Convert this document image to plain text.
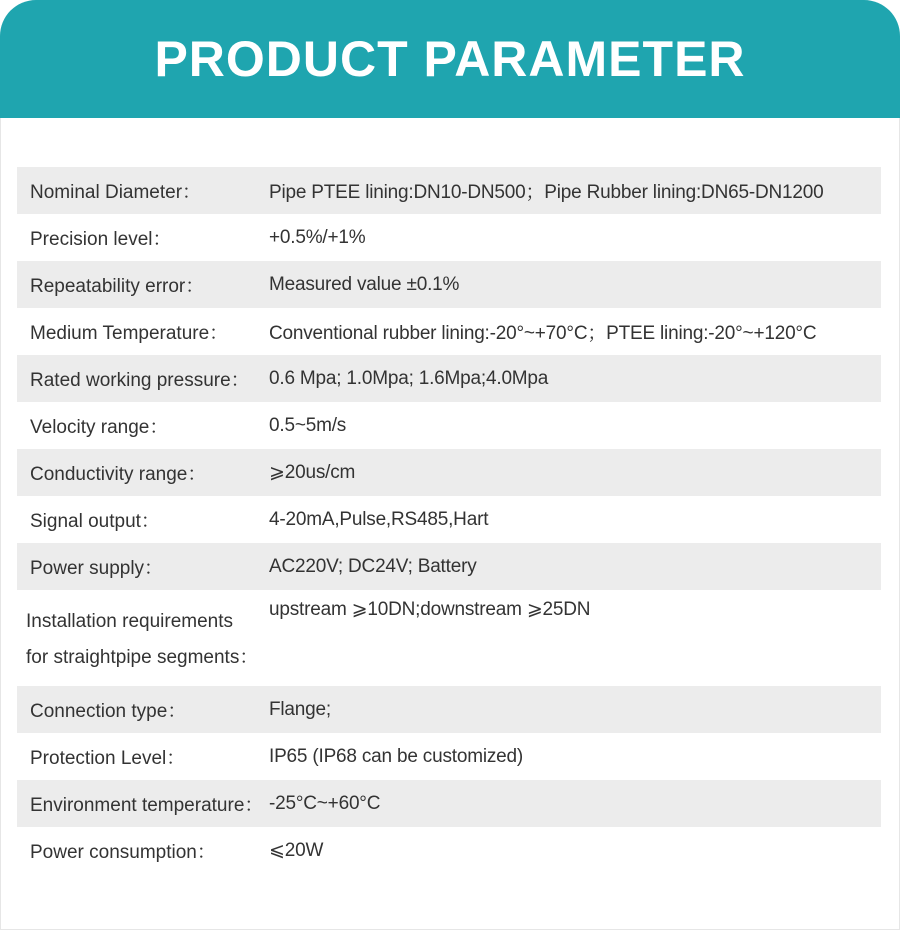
PRODUCT PARAMETER
Nominal Diameter：	Pipe PTEE lining:DN10-DN500；Pipe Rubber lining:DN65-DN1200
Precision level：	+0.5%/+1%
Repeatability error：	Measured value ±0.1%
Medium Temperature：	Conventional rubber lining:-20°~+70°C；PTEE lining:-20°~+120°C
Rated working pressure：	0.6 Mpa; 1.0Mpa; 1.6Mpa;4.0Mpa
Velocity range：	0.5~5m/s
Conductivity range：	⩾20us/cm
Signal output：	4-20mA,Pulse,RS485,Hart
Power supply：	AC220V; DC24V; Battery
Installation requirements
for straightpipe segments：
upstream ⩾10DN;downstream ⩾25DN
Connection type：	Flange;
Protection Level：	IP65 (IP68 can be customized)
Environment temperature： -25°C~+60°C
Power consumption：	⩽20W
